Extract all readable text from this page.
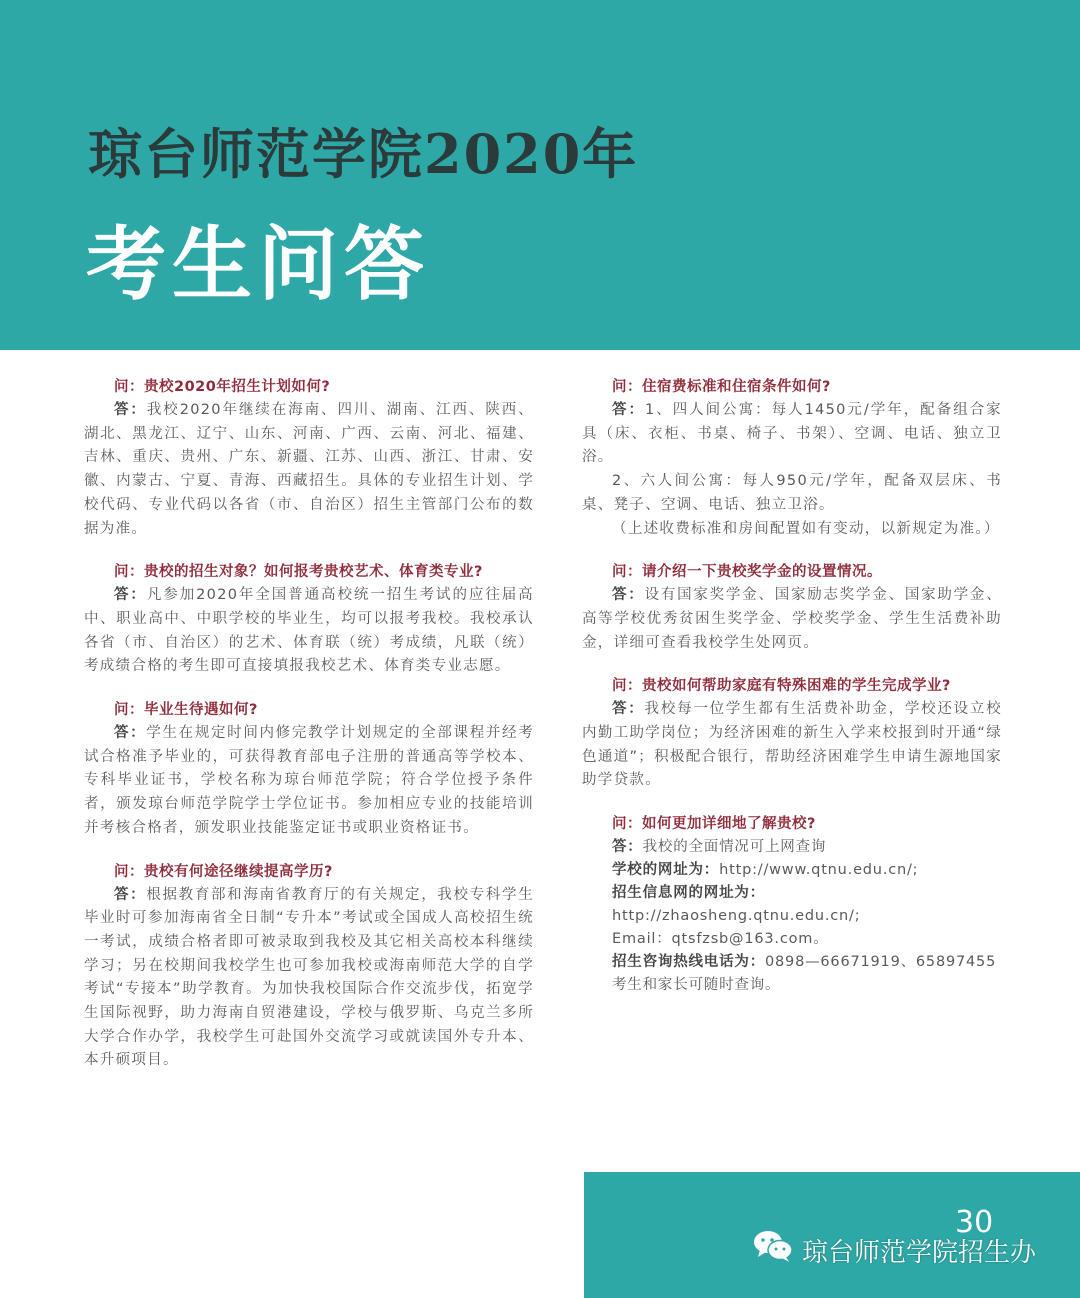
琼台师范学院2020年
考生问答
问：贵校2020年招生计划如何?

答：我校2020年继续在海南、四川、湖南、江西、陕西、湖北、黑龙江、辽宁、山东、河南、广西、云南、河北、福建、吉林、重庆、贵州、广东、新疆、江苏、山西、浙江、甘肃、安徽、内蒙古、宁夏、青海、西藏招生。具体的专业招生计划、学校代码、专业代码以各省（市、自治区）招生主管部门公布的数据为准。

问：贵校的招生对象？如何报考贵校艺术、体育类专业?

答：凡参加2020年全国普通高校统一招生考试的应往届高中、职业高中、中职学校的毕业生，均可以报考我校。我校承认各省（市、自治区）的艺术、体育联（统）考成绩，凡联（统）考成绩合格的考生即可直接填报我校艺术、体育类专业志愿。

问：毕业生待遇如何?

答：学生在规定时间内修完教学计划规定的全部课程并经考试合格准予毕业的，可获得教育部电子注册的普通高等学校本、专科毕业证书，学校名称为琼台师范学院；符合学位授予条件者，颁发琼台师范学院学士学位证书。参加相应专业的技能培训并考核合格者，颁发职业技能鉴定证书或职业资格证书。

问：贵校有何途径继续提高学历?

答：根据教育部和海南省教育厅的有关规定，我校专科学生毕业时可参加海南省全日制“专升本”考试或全国成人高校招生统一考试，成绩合格者即可被录取到我校及其它相关高校本科继续学习；另在校期间我校学生也可参加我校或海南师范大学的自学考试“专接本”助学教育。为加快我校国际合作交流步伐，拓宽学生国际视野，助力海南自贸港建设，学校与俄罗斯、乌克兰多所大学合作办学，我校学生可赴国外交流学习或就读国外专升本、本升硕项目。

问：住宿费标准和住宿条件如何?

答：1、四人间公寓：每人1450元/学年，配备组合家具（床、衣柜、书桌、椅子、书架）、空调、电话、独立卫浴。

2、六人间公寓：每人950元/学年，配备双层床、书桌、凳子、空调、电话、独立卫浴。

（上述收费标准和房间配置如有变动，以新规定为准。）

问：请介绍一下贵校奖学金的设置情况。

答：设有国家奖学金、国家励志奖学金、国家助学金、高等学校优秀贫困生奖学金、学校奖学金、学生生活费补助金，详细可查看我校学生处网页。

问：贵校如何帮助家庭有特殊困难的学生完成学业?

答：我校每一位学生都有生活费补助金，学校还设立校内勤工助学岗位；为经济困难的新生入学来校报到时开通“绿色通道”；积极配合银行，帮助经济困难学生申请生源地国家助学贷款。

问：如何更加详细地了解贵校?

答：我校的全面情况可上网查询

学校的网址为：http://www.qtnu.edu.cn/;

招生信息网的网址为：

http://zhaosheng.qtnu.edu.cn/;

Email：qtsfzsb@163.com。

招生咨询热线电话为：0898—66671919、65897455

考生和家长可随时查询。

30
琼台师范学院招生办
